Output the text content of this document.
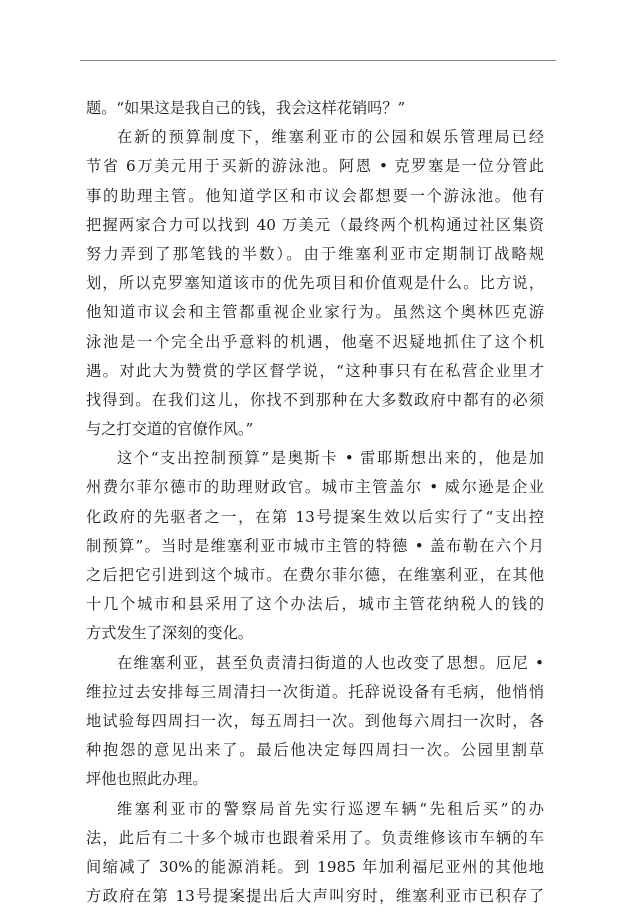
题。“如果这是我自己的钱，我会这样花销吗？”
在新的预算制度下，维塞利亚市的公园和娱乐管理局已经
节省 6万美元用于买新的游泳池。阿恩 • 克罗塞是一位分管此
事的助理主管。他知道学区和市议会都想要一个游泳池。他有
把握两家合力可以找到 40 万美元（最终两个机构通过社区集资
努力弄到了那笔钱的半数）。由于维塞利亚市定期制订战略规
划，所以克罗塞知道该市的优先项目和价值观是什么。比方说，
他知道市议会和主管都重视企业家行为。虽然这个奥林匹克游
泳池是一个完全出乎意料的机遇，他毫不迟疑地抓住了这个机
遇。对此大为赞赏的学区督学说，“这种事只有在私营企业里才
找得到。在我们这儿，你找不到那种在大多数政府中都有的必须
与之打交道的官僚作风。”
这个“支出控制预算”是奥斯卡 • 雷耶斯想出来的，他是加
州费尔菲尔德市的助理财政官。城市主管盖尔 • 威尔逊是企业
化政府的先驱者之一，在第 13号提案生效以后实行了“支出控
制预算”。当时是维塞利亚市城市主管的特德 • 盖布勒在六个月
之后把它引进到这个城市。在费尔菲尔德，在维塞利亚，在其他
十几个城市和县采用了这个办法后，城市主管花纳税人的钱的
方式发生了深刻的变化。
在维塞利亚，甚至负责清扫街道的人也改变了思想。厄尼 •
维拉过去安排每三周清扫一次街道。托辞说设备有毛病，他悄悄
地试验每四周扫一次，每五周扫一次。到他每六周扫一次时，各
种抱怨的意见出来了。最后他决定每四周扫一次。公园里割草
坪他也照此办理。
维塞利亚市的警察局首先实行巡逻车辆“先租后买”的办
法，此后有二十多个城市也跟着采用了。负责维修该市车辆的车
间缩减了 30%的能源消耗。到 1985 年加利福尼亚州的其他地
方政府在第 13号提案提出后大声叫穷时，维塞利亚市已积存了
